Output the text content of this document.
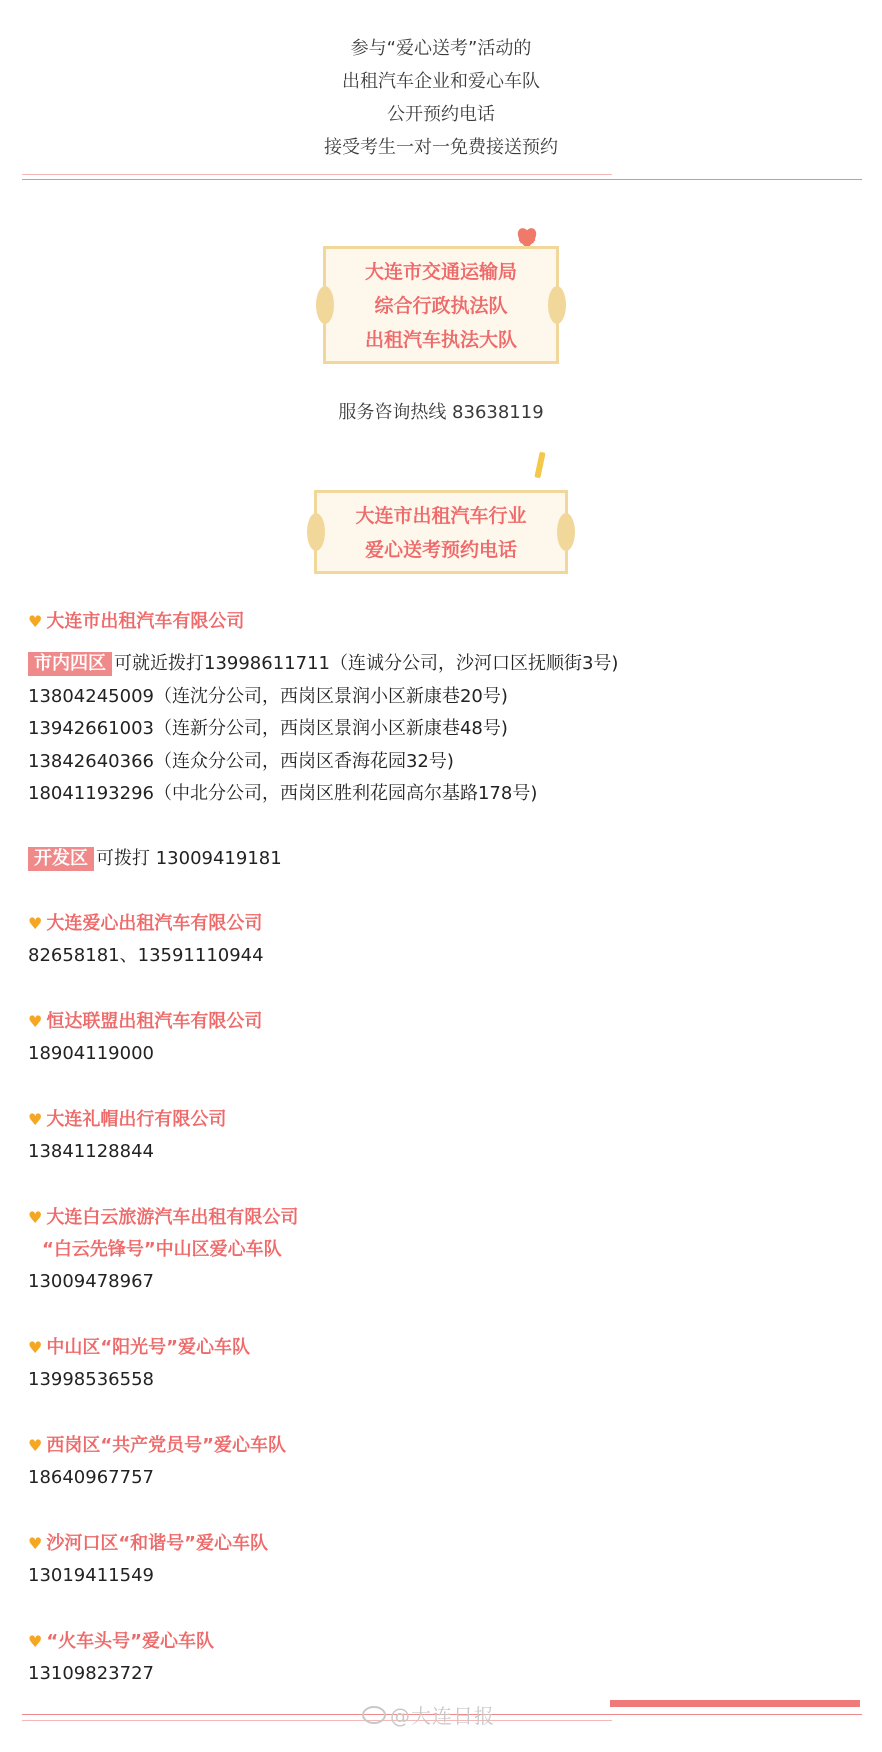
参与“爱心送考”活动的
出租汽车企业和爱心车队
公开预约电话
接受考生一对一免费接送预约
大连市交通运输局
综合行政执法队
出租汽车执法大队
服务咨询热线 83638119
大连市出租汽车行业
爱心送考预约电话
♥ 大连市出租汽车有限公司
市内四区 可就近拨打13998611711（连诚分公司，沙河口区抚顺街3号)
13804245009（连沈分公司，西岗区景润小区新康巷20号)
13942661003（连新分公司，西岗区景润小区新康巷48号)
13842640366（连众分公司，西岗区香海花园32号)
18041193296（中北分公司，西岗区胜利花园高尔基路178号)
开发区 可拨打 13009419181
♥ 大连爱心出租汽车有限公司
82658181、13591110944
♥ 恒达联盟出租汽车有限公司
18904119000
♥ 大连礼帽出行有限公司
13841128844
♥ 大连白云旅游汽车出租有限公司
“白云先锋号”中山区爱心车队
13009478967
♥ 中山区“阳光号”爱心车队
13998536558
♥ 西岗区“共产党员号”爱心车队
18640967757
♥ 沙河口区“和谐号”爱心车队
13019411549
♥ “火车头号”爱心车队
13109823727
@大连日报
